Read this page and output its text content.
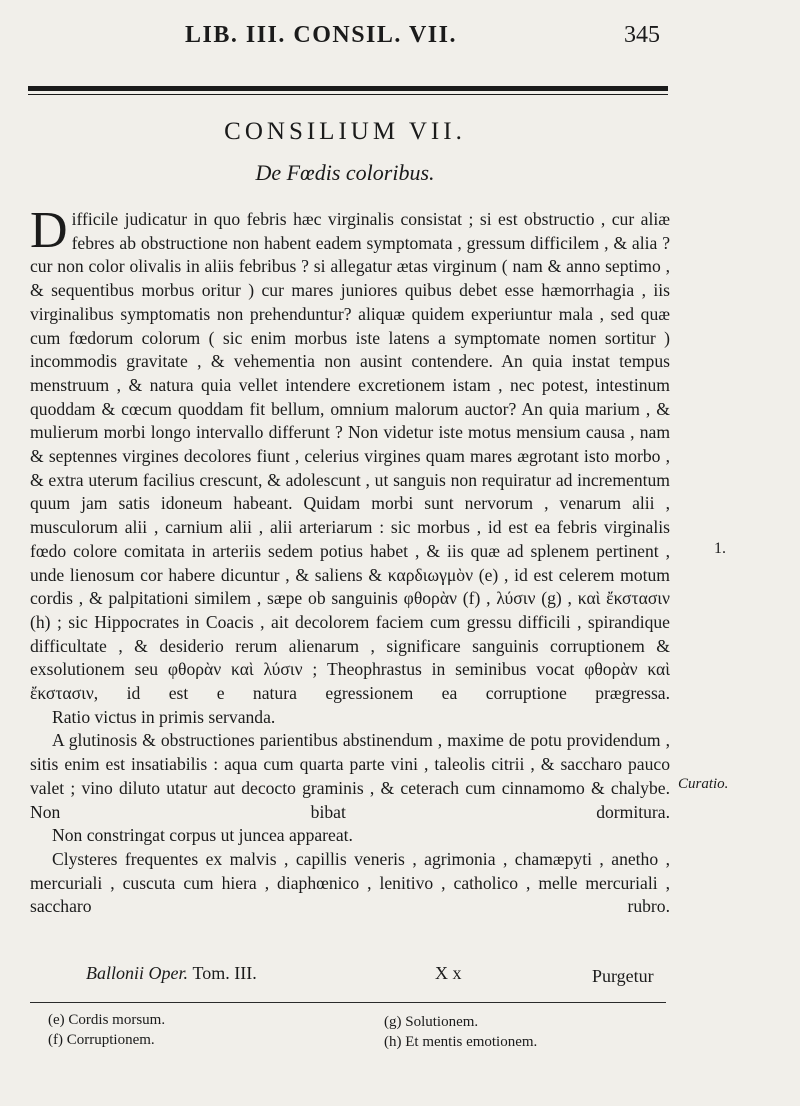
LIB. III. CONSIL. VII.	345
CONSILIUM VII.
De Fœdis coloribus.

Difficile judicatur in quo febris hæc virginalis consistat ; si est obstructio , cur aliæ febres ab obstructione non habent eadem symptomata , gressum difficilem , & alia ? cur non color olivalis in aliis febribus ? si allegatur ætas virginum ( nam & anno septimo , & sequentibus morbus oritur ) cur mares juniores quibus debet esse hæmorrhagia , iis virginalibus symptomatis non prehenduntur? aliquæ quidem experiuntur mala , sed quæ cum fœdorum colorum ( sic enim morbus iste latens a symptomate nomen sortitur ) incommodis gravitate , & vehementia non ausint contendere. An quia instat tempus menstruum , & natura quia vellet intendere excretionem istam , nec potest, intestinum quoddam & cœcum quoddam fit bellum, omnium malorum auctor? An quia marium , & mulierum morbi longo intervallo differunt ? Non videtur iste motus mensium causa , nam & septennes virgines decolores fiunt , celerius virgines quam mares ægrotant isto morbo , & extra uterum facilius crescunt, & adolescunt , ut sanguis non requiratur ad incrementum quum jam satis idoneum habeant. Quidam morbi sunt nervorum , venarum alii , musculorum alii , carnium alii , alii arteriarum : sic morbus , id est ea febris virginalis fœdo colore comitata in arteriis sedem potius habet , & iis quæ ad splenem pertinent , unde lienosum cor habere dicuntur , & saliens & καρδιωγμὸν (e) , id est celerem motum cordis , & palpitationi similem , sæpe ob sanguinis φθορὰν (f) , λύσιν (g) , καὶ ἔκστασιν (h) ; sic Hippocrates in Coacis , ait decolorem faciem cum gressu difficili , spirandique difficultate , & desiderio rerum alienarum , significare sanguinis corruptionem & exsolutionem seu φθορὰν καὶ λύσιν ; Theophrastus in seminibus vocat φθορὰν καὶ ἔκστασιν, id est e natura egressionem ea corruptione prægressa.

Ratio victus in primis servanda.

A glutinosis & obstructiones parientibus abstinendum , maxime de potu providendum , sitis enim est insatiabilis : aqua cum quarta parte vini , taleolis citrii , & saccharo pauco valet ; vino diluto utatur aut decocto graminis , & ceterach cum cinnamomo & chalybe. Non bibat dormitura.

Non constringat corpus ut juncea appareat.

Clysteres frequentes ex malvis , capillis veneris , agrimonia , chamæpyti , anetho , mercuriali , cuscuta cum hiera , diaphœnico , lenitivo , catholico , melle mercuriali , saccharo rubro.

1.
Curatio.
Ballonii Oper. Tom. III.	X x	Purgetur
(e) Cordis morsum.
(f) Corruptionem.
(g) Solutionem.
(h) Et mentis emotionem.
